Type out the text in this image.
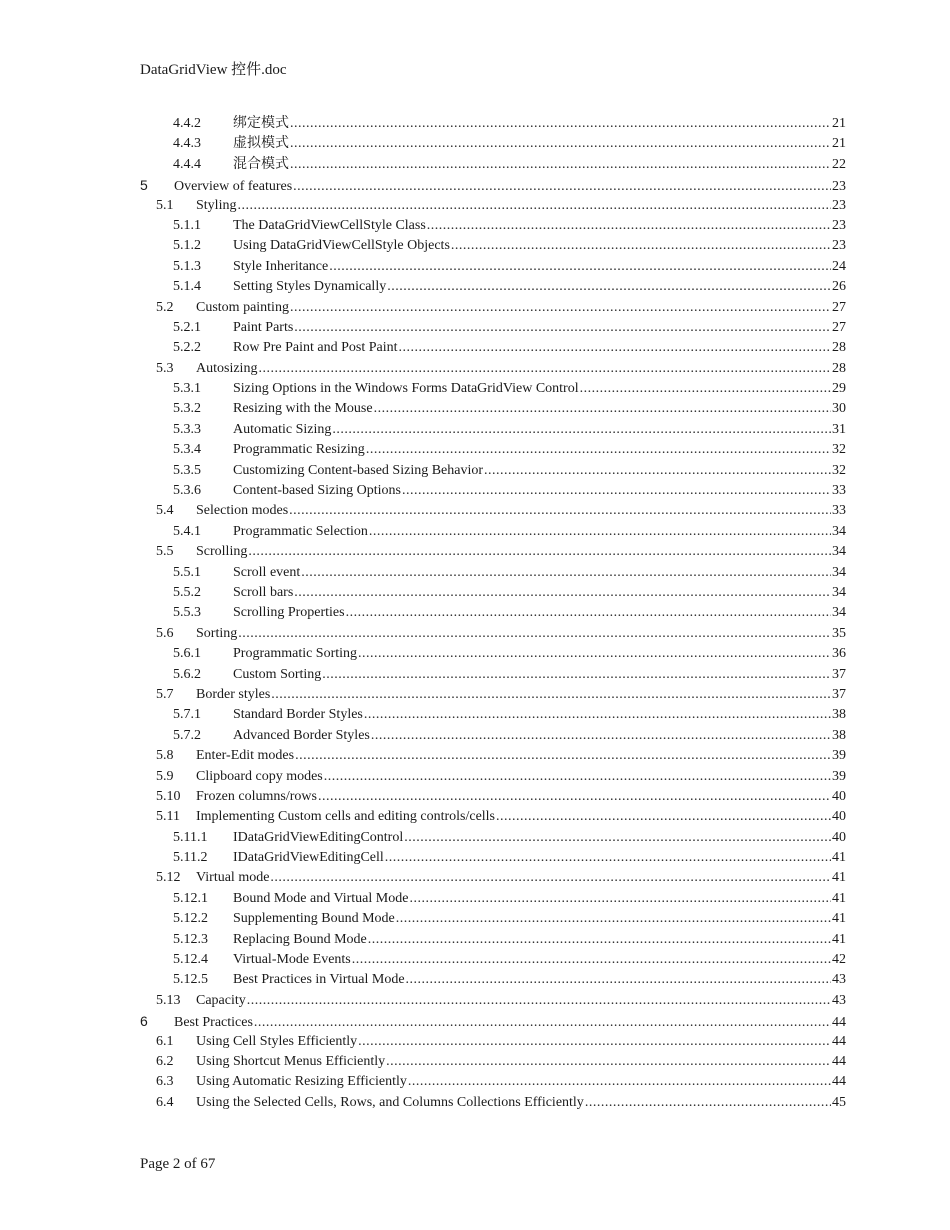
DataGridView 控件.doc
4.4.2	绑定模式 .....	21
4.4.3	虚拟模式 .....	21
4.4.4	混合模式 .....	22
5	Overview of features .....	23
5.1	Styling .....	23
5.1.1	The DataGridViewCellStyle Class .....	23
5.1.2	Using DataGridViewCellStyle Objects .....	23
5.1.3	Style Inheritance .....	24
5.1.4	Setting Styles Dynamically .....	26
5.2	Custom painting .....	27
5.2.1	Paint Parts .....	27
5.2.2	Row Pre Paint and Post Paint .....	28
5.3	Autosizing .....	28
5.3.1	Sizing Options in the Windows Forms DataGridView Control .....	29
5.3.2	Resizing with the Mouse .....	30
5.3.3	Automatic Sizing .....	31
5.3.4	Programmatic Resizing .....	32
5.3.5	Customizing Content-based Sizing Behavior .....	32
5.3.6	Content-based Sizing Options .....	33
5.4	Selection modes .....	33
5.4.1	Programmatic Selection .....	34
5.5	Scrolling .....	34
5.5.1	Scroll event .....	34
5.5.2	Scroll bars .....	34
5.5.3	Scrolling Properties .....	34
5.6	Sorting .....	35
5.6.1	Programmatic Sorting .....	36
5.6.2	Custom Sorting .....	37
5.7	Border styles .....	37
5.7.1	Standard Border Styles .....	38
5.7.2	Advanced Border Styles .....	38
5.8	Enter-Edit modes .....	39
5.9	Clipboard copy modes .....	39
5.10	Frozen columns/rows .....	40
5.11	Implementing Custom cells and editing controls/cells .....	40
5.11.1	IDataGridViewEditingControl .....	40
5.11.2	IDataGridViewEditingCell .....	41
5.12	Virtual mode .....	41
5.12.1	Bound Mode and Virtual Mode .....	41
5.12.2	Supplementing Bound Mode .....	41
5.12.3	Replacing Bound Mode .....	41
5.12.4	Virtual-Mode Events .....	42
5.12.5	Best Practices in Virtual Mode .....	43
5.13	Capacity .....	43
6	Best Practices .....	44
6.1	Using Cell Styles Efficiently .....	44
6.2	Using Shortcut Menus Efficiently .....	44
6.3	Using Automatic Resizing Efficiently .....	44
6.4	Using the Selected Cells, Rows, and Columns Collections Efficiently .....	45
Page 2 of 67
